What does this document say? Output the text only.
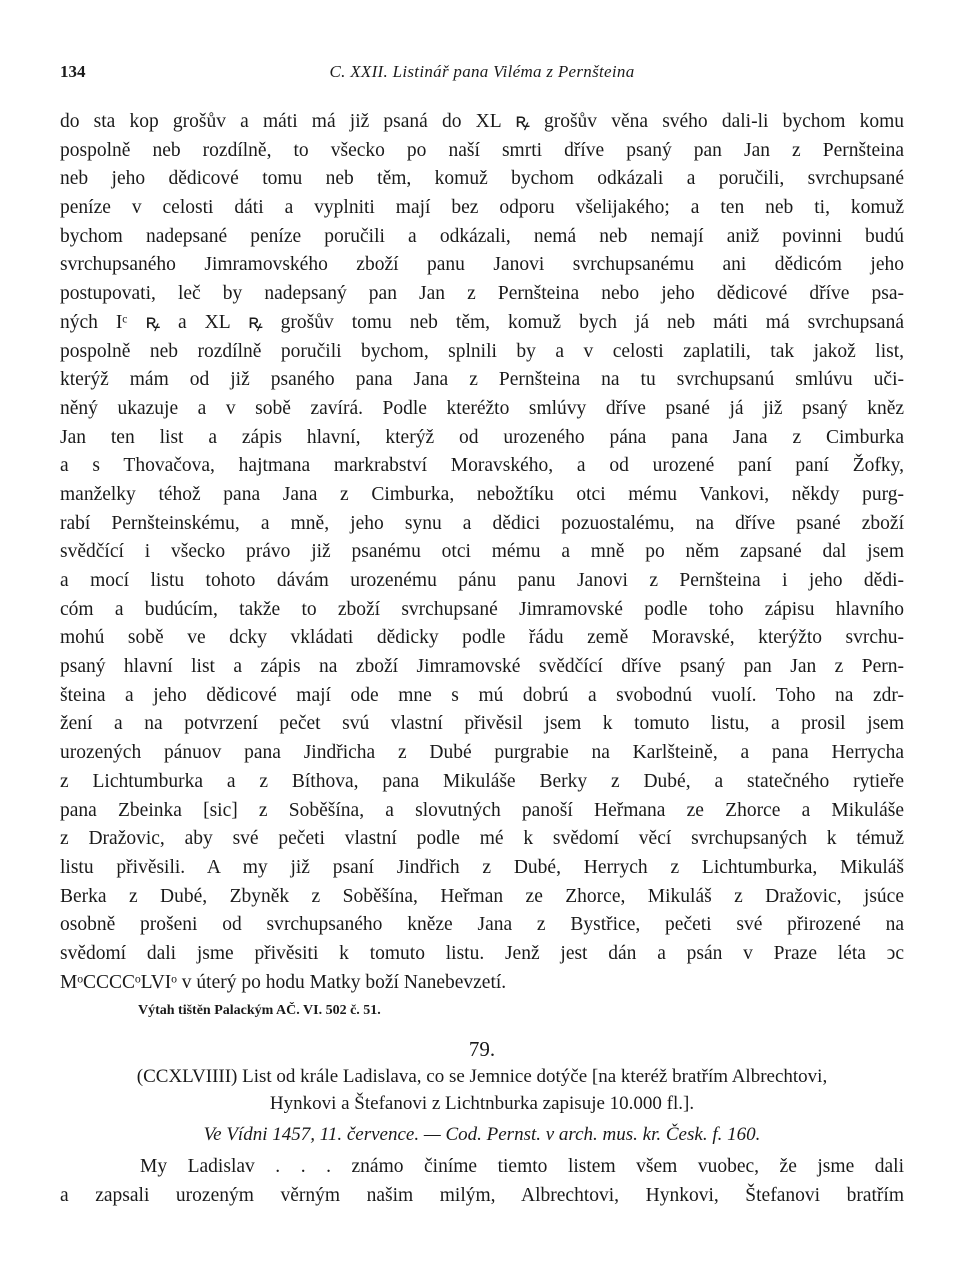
134	C. XXII. Listinář pana Viléma z Pernšteina
do sta kop grošův a máti má již psaná do XL ꝶ grošův věna svého dali-li bychom komu
pospolně neb rozdílně, to všecko po naší smrti dříve psaný pan Jan z Pernšteina
neb jeho dědicové tomu neb těm, komuž bychom odkázali a poručili, svrchupsané
peníze v celosti dáti a vyplniti mají bez odporu všelijakého; a ten neb ti, komuž
bychom nadepsané peníze poručili a odkázali, nemá neb nemají aniž povinni budú
svrchupsaného Jimramovského zboží panu Janovi svrchupsanému ani dědicóm jeho
postupovati, leč by nadepsaný pan Jan z Pernšteina nebo jeho dědicové dříve psa-
ných Iᶜ ꝶ a XL ꝶ grošův tomu neb těm, komuž bych já neb máti má svrchupsaná
pospolně neb rozdílně poručili bychom, splnili by a v celosti zaplatili, tak jakož list,
kterýž mám od již psaného pana Jana z Pernšteina na tu svrchupsanú smlúvu uči-
něný ukazuje a v sobě zavírá. Podle kteréžto smlúvy dříve psané já již psaný kněz
Jan ten list a zápis hlavní, kterýž od urozeného pána pana Jana z Cimburka
a s Thovačova, hajtmana markrabství Moravského, a od urozené paní paní Žofky,
manželky téhož pana Jana z Cimburka, nebožtíku otci mému Vankovi, někdy purg-
rabí Pernšteinskému, a mně, jeho synu a dědici pozuostalému, na dříve psané zboží
svědčící i všecko právo již psanému otci mému a mně po něm zapsané dal jsem
a mocí listu tohoto dávám urozenému pánu panu Janovi z Pernšteina i jeho dědi-
cóm a budúcím, takže to zboží svrchupsané Jimramovské podle toho zápisu hlavního
mohú sobě ve dcky vkládati dědicky podle řádu země Moravské, kterýžto svrchu-
psaný hlavní list a zápis na zboží Jimramovské svědčící dříve psaný pan Jan z Pern-
šteina a jeho dědicové mají ode mne s mú dobrú a svobodnú vuolí. Toho na zdr-
žení a na potvrzení pečet svú vlastní přivěsil jsem k tomuto listu, a prosil jsem
urozených pánuov pana Jindřicha z Dubé purgrabie na Karlšteině, a pana Herrycha
z Lichtumburka a z Bíthova, pana Mikuláše Berky z Dubé, a statečného rytieře
pana Zbeinka [sic] z Soběšína, a slovutných panoší Heřmana ze Zhorce a Mikuláše
z Dražovic, aby své pečeti vlastní podle mé k svědomí věcí svrchupsaných k témuž
listu přivěsili. A my již psaní Jindřich z Dubé, Herrych z Lichtumburka, Mikuláš
Berka z Dubé, Zbyněk z Soběšína, Heřman ze Zhorce, Mikuláš z Dražovic, jsúce
osobně prošeni od svrchupsaného kněze Jana z Bystřice, pečeti své přirozené na
svědomí dali jsme přivěsiti k tomuto listu. Jenž jest dán a psán v Praze léta ↄc
MᵒCCCCᵒLVIᵒ v úterý po hodu Matky boží Nanebevzetí.
Výtah tištěn Palackým AČ. VI. 502 č. 51.
79.
(CCXLVIIII) List od krále Ladislava, co se Jemnice dotýče [na kteréž bratřím Albrechtovi,
Hynkovi a Štefanovi z Lichtnburka zapisuje 10.000 fl.].
Ve Vídni 1457, 11. července. — Cod. Pernst. v arch. mus. kr. Česk. f. 160.
My Ladislav . . . známo činíme tiemto listem všem vuobec, že jsme dali
a zapsali urozeným věrným našim milým, Albrechtovi, Hynkovi, Štefanovi bratřím
